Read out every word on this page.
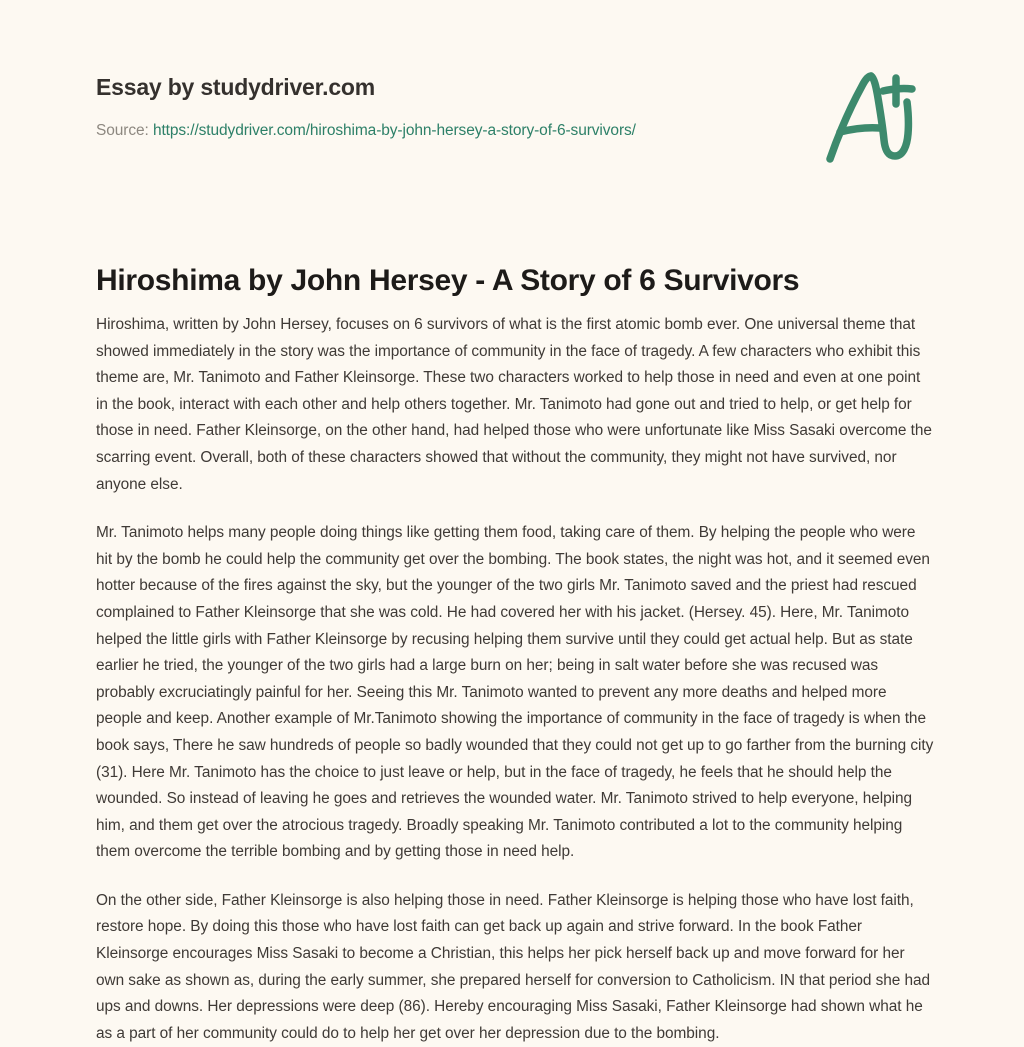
Essay by studydriver.com
Source: https://studydriver.com/hiroshima-by-john-hersey-a-story-of-6-survivors/
Hiroshima by John Hersey - A Story of 6 Survivors

Hiroshima, written by John Hersey, focuses on 6 survivors of what is the first atomic bomb ever. One universal theme that showed immediately in the story was the importance of community in the face of tragedy. A few characters who exhibit this theme are, Mr. Tanimoto and Father Kleinsorge. These two characters worked to help those in need and even at one point in the book, interact with each other and help others together. Mr. Tanimoto had gone out and tried to help, or get help for those in need. Father Kleinsorge, on the other hand, had helped those who were unfortunate like Miss Sasaki overcome the scarring event. Overall, both of these characters showed that without the community, they might not have survived, nor anyone else.

Mr. Tanimoto helps many people doing things like getting them food, taking care of them. By helping the people who were hit by the bomb he could help the community get over the bombing. The book states, the night was hot, and it seemed even hotter because of the fires against the sky, but the younger of the two girls Mr. Tanimoto saved and the priest had rescued complained to Father Kleinsorge that she was cold. He had covered her with his jacket. (Hersey. 45). Here, Mr. Tanimoto helped the little girls with Father Kleinsorge by recusing helping them survive until they could get actual help. But as state earlier he tried, the younger of the two girls had a large burn on her; being in salt water before she was recused was probably excruciatingly painful for her. Seeing this Mr. Tanimoto wanted to prevent any more deaths and helped more people and keep. Another example of Mr.Tanimoto showing the importance of community in the face of tragedy is when the book says, There he saw hundreds of people so badly wounded that they could not get up to go farther from the burning city (31). Here Mr. Tanimoto has the choice to just leave or help, but in the face of tragedy, he feels that he should help the wounded. So instead of leaving he goes and retrieves the wounded water. Mr. Tanimoto strived to help everyone, helping him, and them get over the atrocious tragedy. Broadly speaking Mr. Tanimoto contributed a lot to the community helping them overcome the terrible bombing and by getting those in need help.

On the other side, Father Kleinsorge is also helping those in need. Father Kleinsorge is helping those who have lost faith, restore hope. By doing this those who have lost faith can get back up again and strive forward. In the book Father Kleinsorge encourages Miss Sasaki to become a Christian, this helps her pick herself back up and move forward for her own sake as shown as, during the early summer, she prepared herself for conversion to Catholicism. IN that period she had ups and downs. Her depressions were deep (86). Hereby encouraging Miss Sasaki, Father Kleinsorge had shown what he as a part of her community could do to help her get over her depression due to the bombing.
